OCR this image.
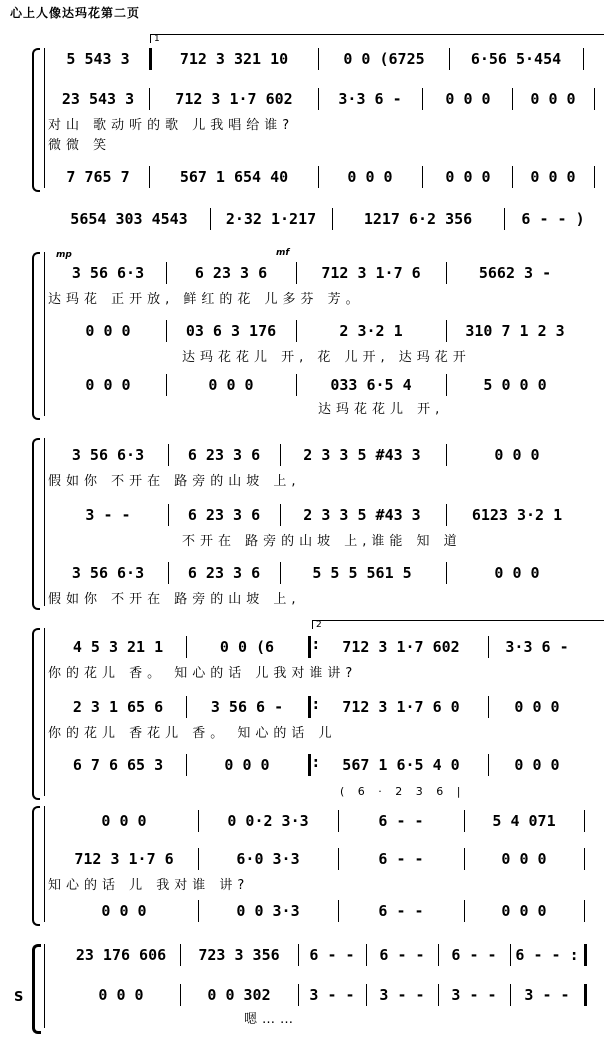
心上人像达玛花第二页
1
5 543 3	712 3 321 10	0 0 (6725	6·56 5·454
23 543 3	712 3 1·7 602	3·3 6 -	0 0 0	0 0 0
对山 歌动听的歌 儿我唱给谁?
微微 笑
7 765 7	567 1 654 40	0 0 0	0 0 0	0 0 0
5654 303 4543	2·32 1·217	1217 6·2 356	6 - - )
mp	mf
3 56 6·3	6 23 3 6	712 3 1·7 6	5662 3 -
达玛花 正开放, 鲜红的花 儿多芬 芳。
0 0 0	03 6 3 176	2 3·2 1	310 7 1 2 3
达玛花花儿 开, 花 儿开, 达玛花开
0 0 0	0 0 0	033 6·5 4	5 0 0 0
达玛花花儿 开,
3 56 6·3	6 23 3 6	2 3 3 5 #43 3	0 0 0
假如你 不开在 路旁的山坡 上,
3 - -	6 23 3 6	2 3 3 5 #43 3	6123 3·2 1
不开在 路旁的山坡 上,谁能 知 道
3 56 6·3	6 23 3 6	5 5 5 561 5	0 0 0
假如你 不开在 路旁的山坡 上,
2
4 5 3 21 1	0 0 (6 :	712 3 1·7 602	3·3 6 -
你的花儿 香。 知心的话 儿我对谁讲?
2 3 1 65 6	3 56 6 - :	712 3 1·7 6 0	0 0 0
你的花儿 香花儿 香。 知心的话 儿
6 7 6 65 3	0 0 0 :	567 1 6·5 4 0	0 0 0
( 6 · 2 3 6 |
0 0 0	0 0·2 3·3	6 - -	5 4 071
712 3 1·7 6	6·0 3·3	6 - -	0 0 0
知心的话 儿 我对谁 讲?
0 0 0	0 0 3·3	6 - -	0 0 0
S
23 176 606	723 3 356	6 - -	6 - -	6 - -	6 - - :
0 0 0	0 0 302	3 - -	3 - -	3 - -	3 - -
嗯……
